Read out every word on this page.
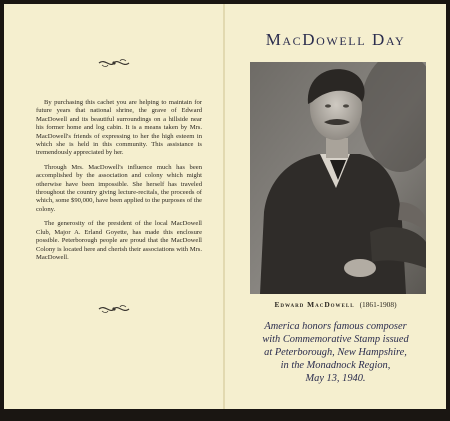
By purchasing this cachet you are helping to maintain for future years that national shrine, the grave of Edward MacDowell and its beautiful surroundings on a hillside near his former home and log cabin. It is a means taken by Mrs. MacDowell's friends of expressing to her the high esteem in which she is held in this community. This assistance is tremendously appreciated by her.

Through Mrs. MacDowell's influence much has been accomplished by the association and colony which might otherwise have been impossible. She herself has traveled throughout the country giving lecture-recitals, the proceeds of which, some $90,000, have been applied to the purposes of the colony.

The generosity of the president of the local MacDowell Club, Major A. Erland Goyette, has made this enclosure possible. Peterborough people are proud that the MacDowell Colony is located here and cherish their associations with Mrs. MacDowell.

MacDowell Day
Edward MacDowell (1861-1908)
America honors famous composer
with Commemorative Stamp issued
at Peterborough, New Hampshire,
in the Monadnock Region,
May 13, 1940.
